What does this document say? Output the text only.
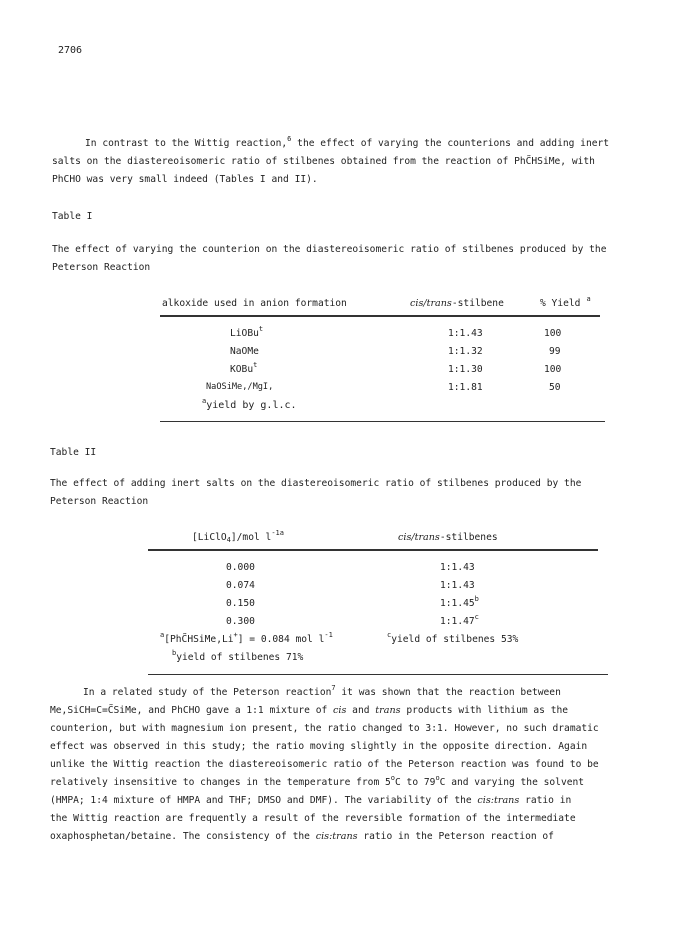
2706
In contrast to the Wittig reaction,$^6$ the effect of varying the counterions and adding inert
salts on the diastereoisomeric ratio of stilbenes obtained from the reaction of PhC̃HSiMe, with
PhCHO was very small indeed (Tables I and II).
Table I
The effect of varying the counterion on the diastereoisomeric ratio of stilbenes produced by the
Peterson Reaction
alkoxide used in anion formation	cis/trans-stilbene	% Yield $^a$
LiOBu$^t$	1:1.43	100
NaOMe	1:1.32	99
KOBu$^t$	1:1.30	100
NaOSiMe,/MgI,	1:1.81	50
$^a$yield by g.l.c.
Table II
The effect of adding inert salts on the diastereoisomeric ratio of stilbenes produced by the
Peterson Reaction
[LiClO$_4$]/mol $l^{-1a}$	cis/trans-stilbenes
0.000	1:1.43
0.074	1:1.43
0.150	1:1.45$^b$
0.300	1:1.47$^c$
$^a$[PhC̃HSiMe,Li+] = 0.084 mol $l^{-1}$	$^c$yield of stilbenes 53%
$^b$yield of stilbenes 71%
In a related study of the Peterson reaction$^7$ it was shown that the reaction between
Me,SiCH=C=C̃SiMe, and PhCHO gave a 1:1 mixture of cis and trans products with lithium as the
counterion, but with magnesium ion present, the ratio changed to 3:1. However, no such dramatic
effect was observed in this study; the ratio moving slightly in the opposite direction. Again
unlike the Wittig reaction the diastereoisomeric ratio of the Peterson reaction was found to be
relatively insensitive to changes in the temperature from 5$^o$C to 79$^o$C and varying the solvent
(HMPA; 1:4 mixture of HMPA and THF; DMSO and DMF). The variability of the cis:trans ratio in
the Wittig reaction are frequently a result of the reversible formation of the intermediate
oxaphosphetan/betaine. The consistency of the cis:trans ratio in the Peterson reaction of
